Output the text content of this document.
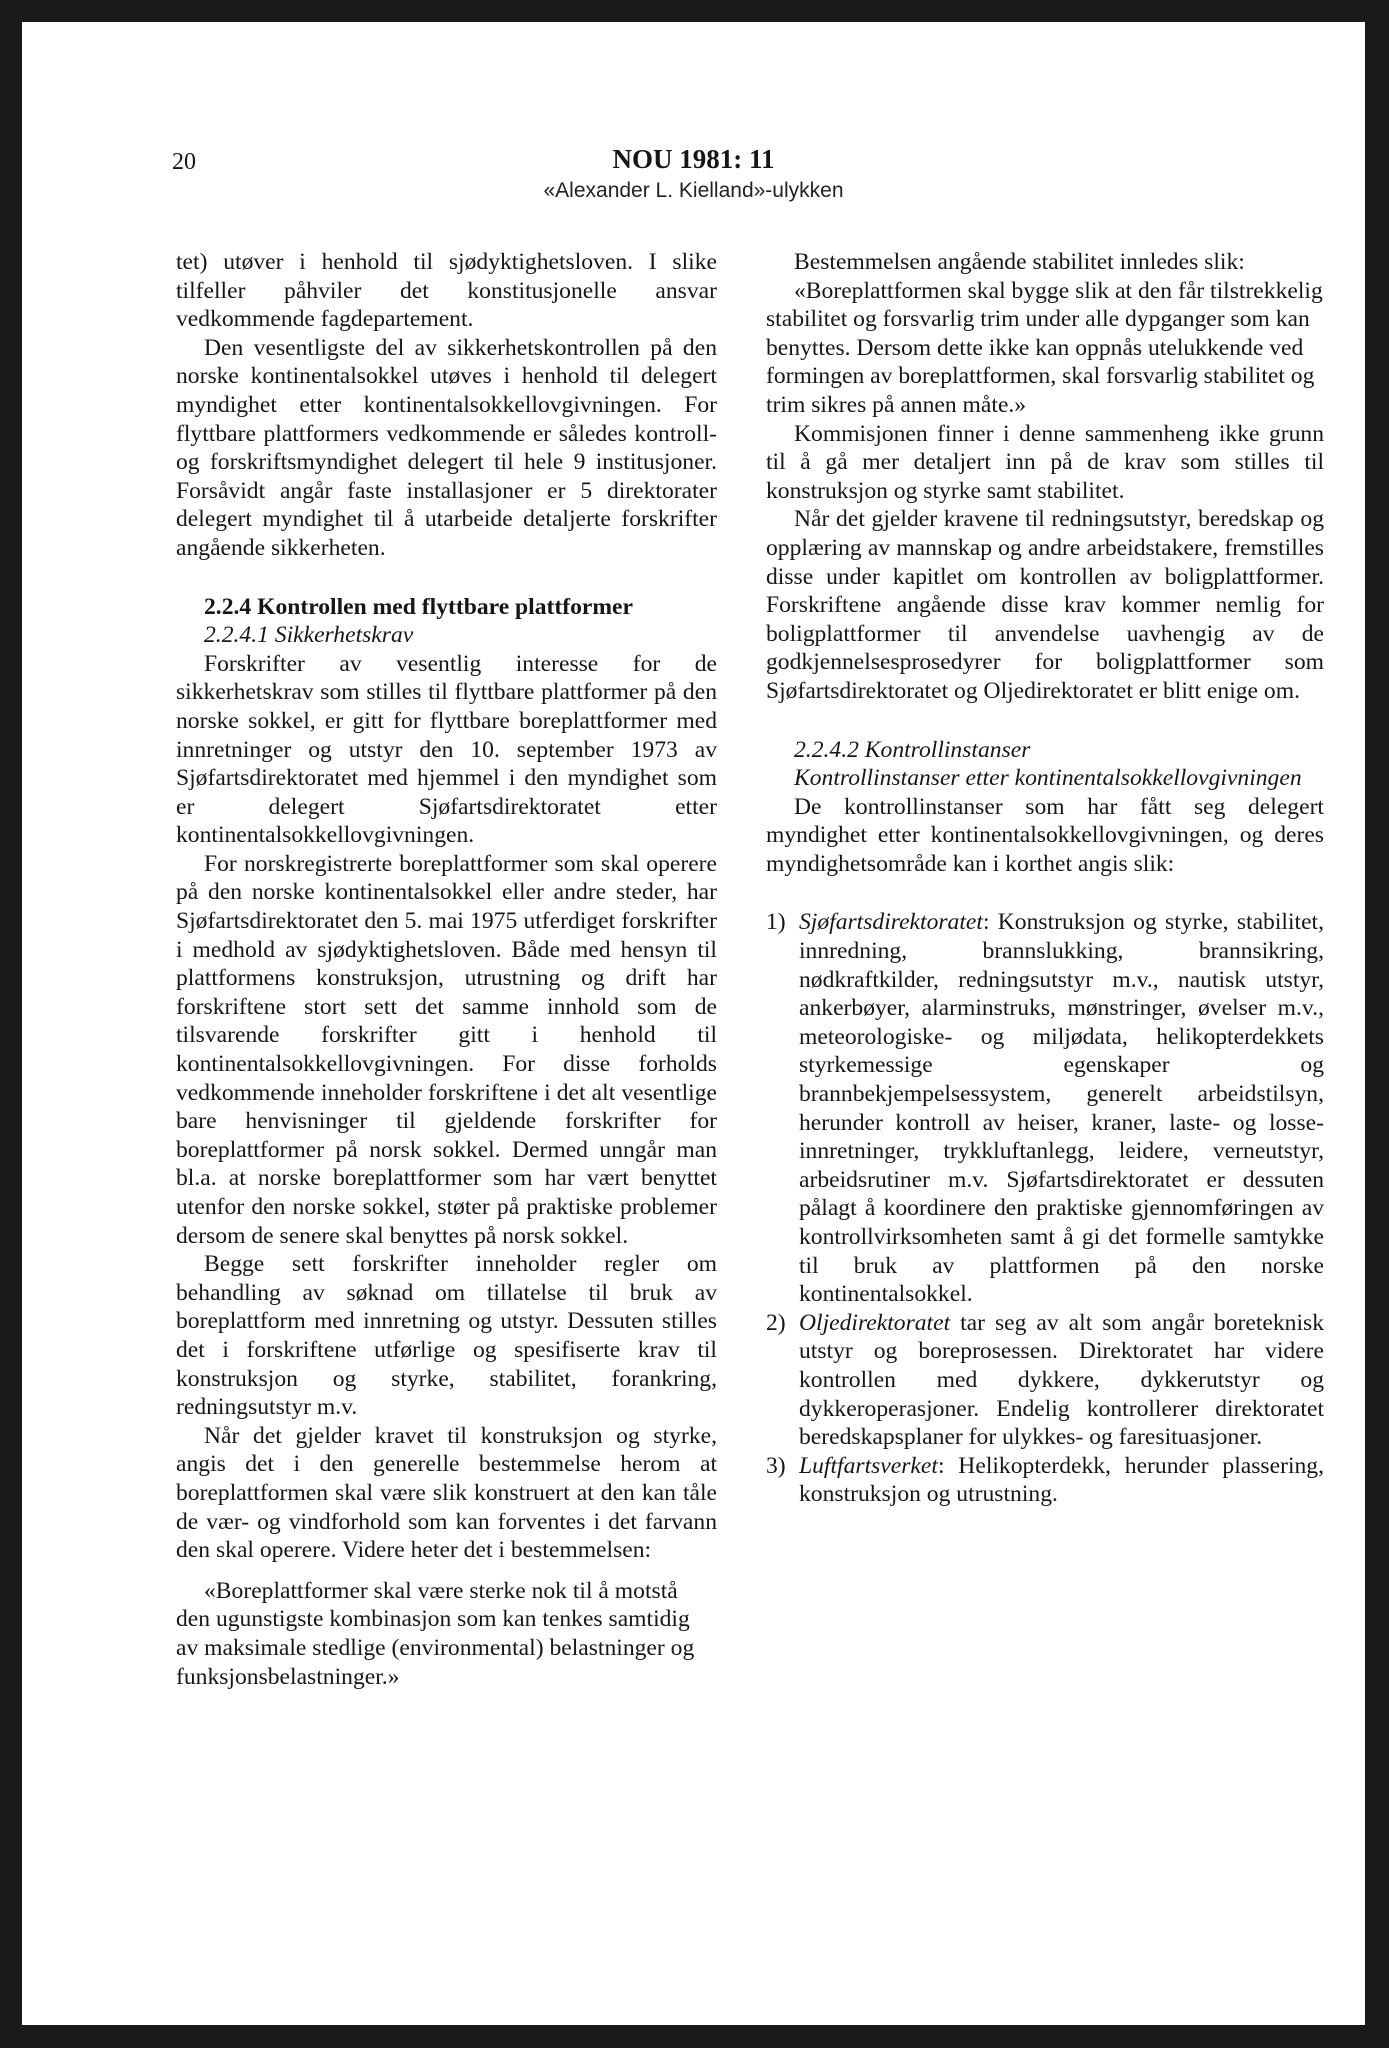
20	NOU 1981: 11
«Alexander L. Kielland»-ulykken

tet) utøver i henhold til sjødyktighetsloven. I slike tilfeller påhviler det konstitusjonelle ansvar vedkommende fagdepartement.

Den vesentligste del av sikkerhetskontrollen på den norske kontinentalsokkel utøves i henhold til delegert myndighet etter kontinentalsokkellovgivningen. For flyttbare plattformers vedkommende er således kontroll- og forskriftsmyndighet delegert til hele 9 institusjoner. Forsåvidt angår faste installasjoner er 5 direktorater delegert myndighet til å utarbeide detaljerte forskrifter angående sikkerheten.

2.2.4 Kontrollen med flyttbare plattformer

2.2.4.1 Sikkerhetskrav

Forskrifter av vesentlig interesse for de sikkerhetskrav som stilles til flyttbare plattformer på den norske sokkel, er gitt for flyttbare boreplattformer med innretninger og utstyr den 10. september 1973 av Sjøfartsdirektoratet med hjemmel i den myndighet som er delegert Sjøfartsdirektoratet etter kontinentalsokkellovgivningen.

For norskregistrerte boreplattformer som skal operere på den norske kontinentalsokkel eller andre steder, har Sjøfartsdirektoratet den 5. mai 1975 utferdiget forskrifter i medhold av sjødyktighetsloven. Både med hensyn til plattformens konstruksjon, utrustning og drift har forskriftene stort sett det samme innhold som de tilsvarende forskrifter gitt i henhold til kontinentalsokkellovgivningen. For disse forholds vedkommende inneholder forskriftene i det alt vesentlige bare henvisninger til gjeldende forskrifter for boreplattformer på norsk sokkel. Dermed unngår man bl.a. at norske boreplattformer som har vært benyttet utenfor den norske sokkel, støter på praktiske problemer dersom de senere skal benyttes på norsk sokkel.

Begge sett forskrifter inneholder regler om behandling av søknad om tillatelse til bruk av boreplattform med innretning og utstyr. Dessuten stilles det i forskriftene utførlige og spesifiserte krav til konstruksjon og styrke, stabilitet, forankring, redningsutstyr m.v.

Når det gjelder kravet til konstruksjon og styrke, angis det i den generelle bestemmelse herom at boreplattformen skal være slik konstruert at den kan tåle de vær- og vindforhold som kan forventes i det farvann den skal operere. Videre heter det i bestemmelsen:

«Boreplattformer skal være sterke nok til å motstå den ugunstigste kombinasjon som kan tenkes samtidig av maksimale stedlige (environmental) belastninger og funksjonsbelastninger.»

Bestemmelsen angående stabilitet innledes slik:

«Boreplattformen skal bygge slik at den får tilstrekkelig stabilitet og forsvarlig trim under alle dypganger som kan benyttes. Dersom dette ikke kan oppnås utelukkende ved formingen av boreplattformen, skal forsvarlig stabilitet og trim sikres på annen måte.»

Kommisjonen finner i denne sammenheng ikke grunn til å gå mer detaljert inn på de krav som stilles til konstruksjon og styrke samt stabilitet.

Når det gjelder kravene til redningsutstyr, beredskap og opplæring av mannskap og andre arbeidstakere, fremstilles disse under kapitlet om kontrollen av boligplattformer. Forskriftene angående disse krav kommer nemlig for boligplattformer til anvendelse uavhengig av de godkjennelsesprosedyrer for boligplattformer som Sjøfartsdirektoratet og Oljedirektoratet er blitt enige om.

2.2.4.2 Kontrollinstanser

Kontrollinstanser etter kontinentalsokkellovgivningen

De kontrollinstanser som har fått seg delegert myndighet etter kontinentalsokkellovgivningen, og deres myndighetsområde kan i korthet angis slik:

1) Sjøfartsdirektoratet: Konstruksjon og styrke, stabilitet, innredning, brannslukking, brannsikring, nødkraftkilder, redningsutstyr m.v., nautisk utstyr, ankerbøyer, alarminstruks, mønstringer, øvelser m.v., meteorologiske- og miljødata, helikopterdekkets styrkemessige egenskaper og brannbekjempelsessystem, generelt arbeidstilsyn, herunder kontroll av heiser, kraner, laste- og losse-innretninger, trykkluftanlegg, leidere, verneutstyr, arbeidsrutiner m.v. Sjøfartsdirektoratet er dessuten pålagt å koordinere den praktiske gjennomføringen av kontrollvirksomheten samt å gi det formelle samtykke til bruk av plattformen på den norske kontinentalsokkel.
2) Oljedirektoratet tar seg av alt som angår boreteknisk utstyr og boreprosessen. Direktoratet har videre kontrollen med dykkere, dykkerutstyr og dykkeroperasjoner. Endelig kontrollerer direktoratet beredskapsplaner for ulykkes- og faresituasjoner.
3) Luftfartsverket: Helikopterdekk, herunder plassering, konstruksjon og utrustning.
